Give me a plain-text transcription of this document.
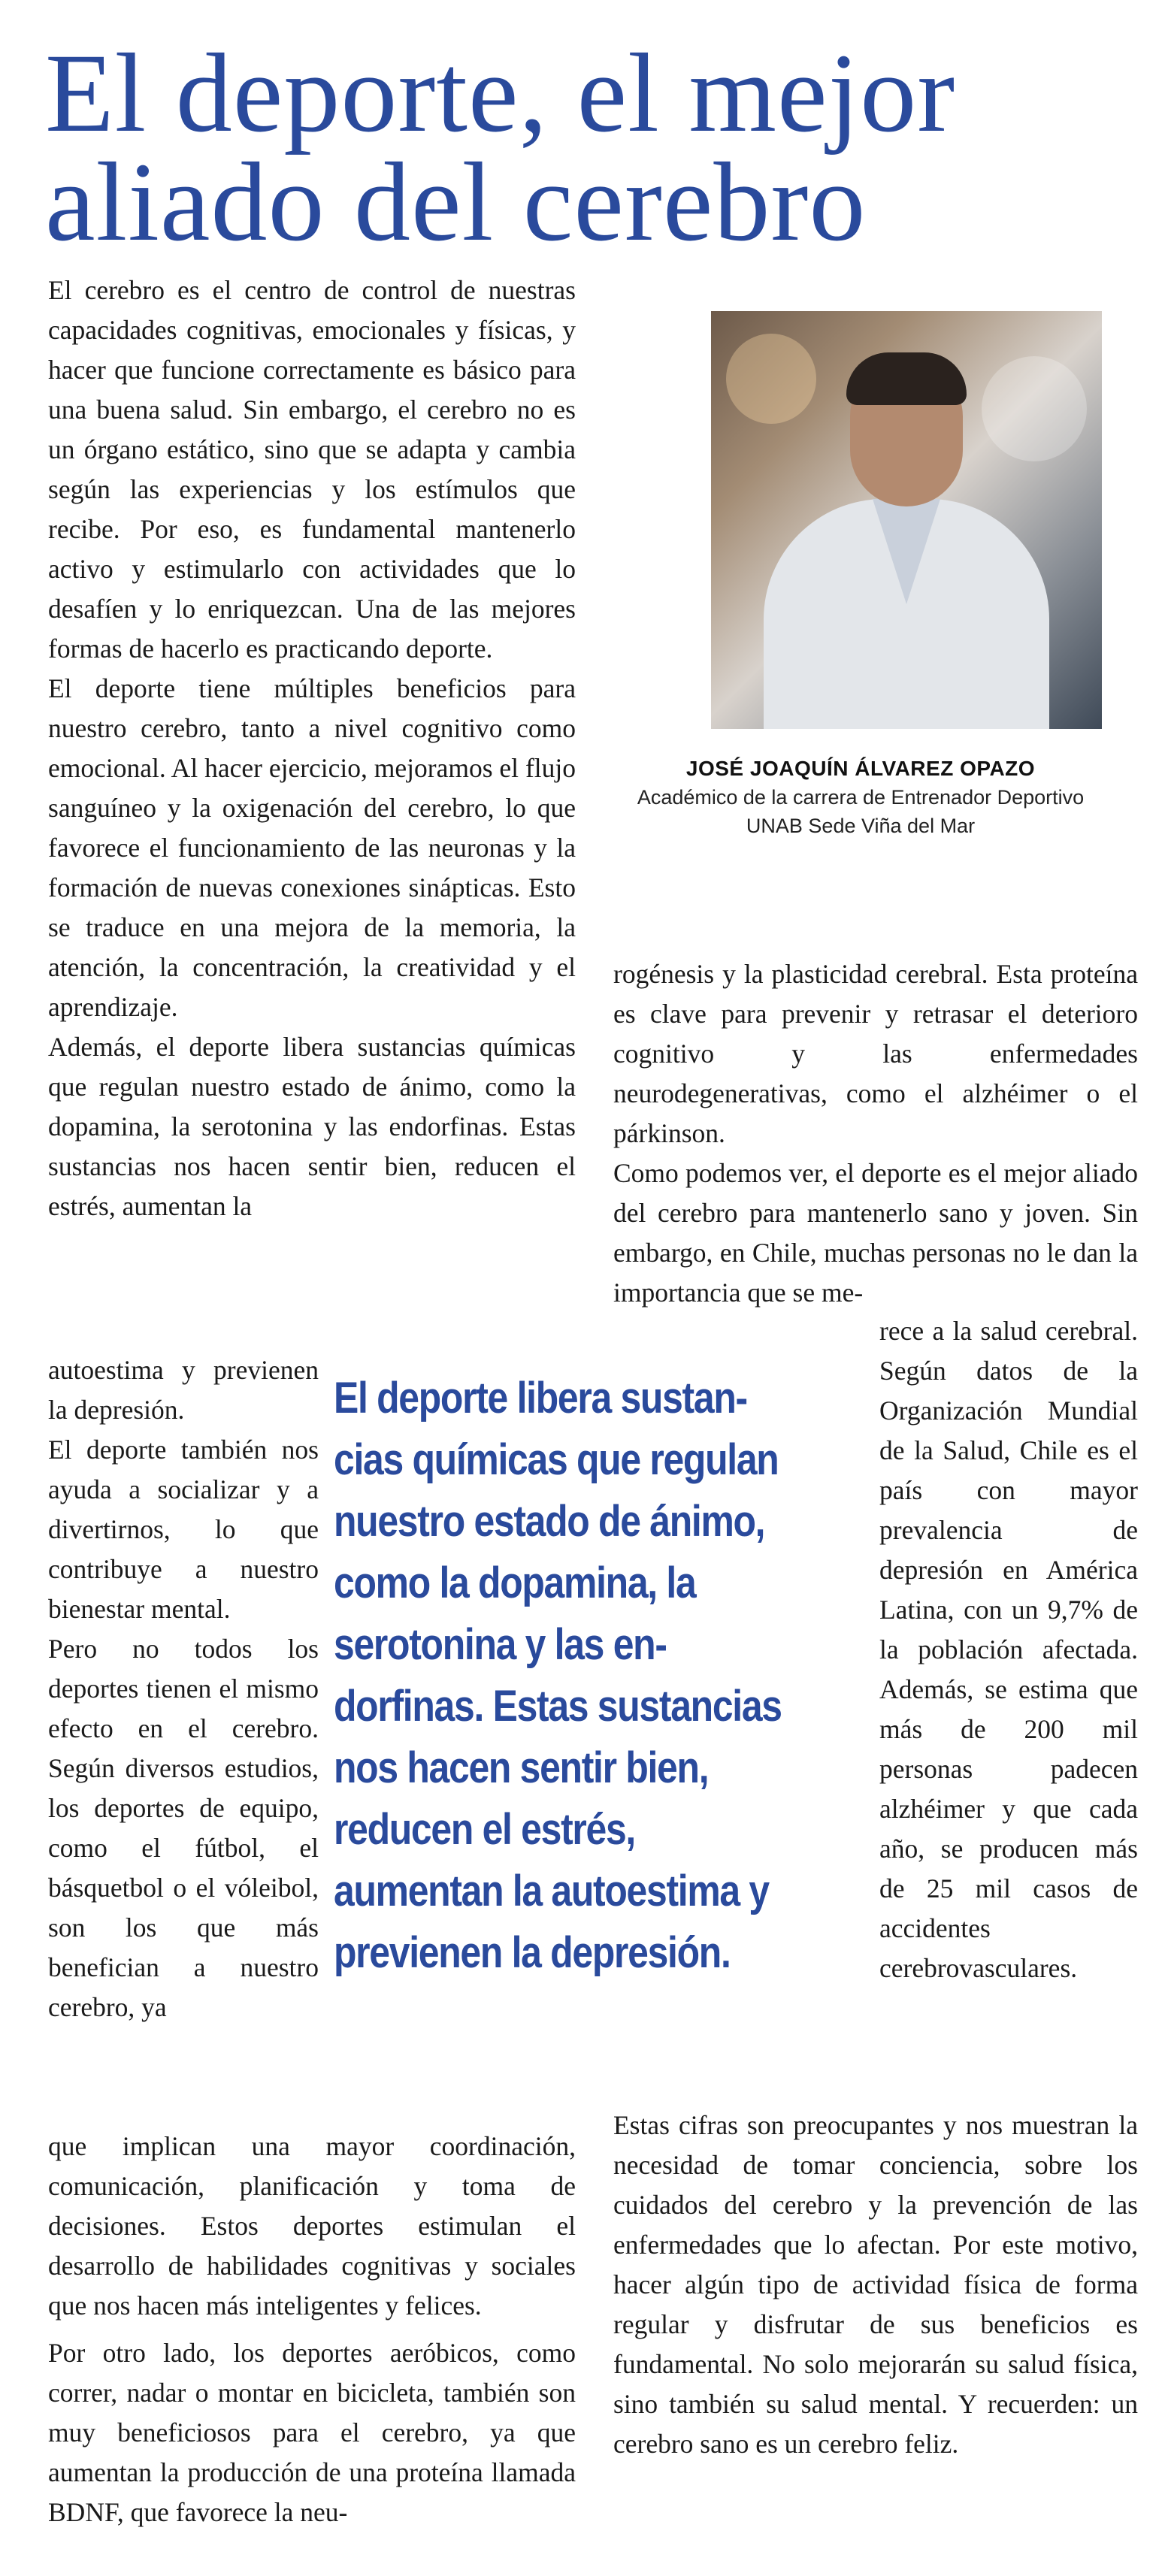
El deporte, el mejor
aliado del cerebro

El cerebro es el centro de control de nuestras capacidades cognitivas, emocionales y físicas, y hacer que funcione correctamente es básico para una buena salud. Sin embargo, el cerebro no es un órgano estático, sino que se adapta y cambia según las experiencias y los estímulos que recibe. Por eso, es fundamental mantenerlo activo y estimularlo con actividades que lo desafíen y lo enriquezcan. Una de las mejores formas de hacerlo es practicando deporte.

El deporte tiene múltiples beneficios para nuestro cerebro, tanto a nivel cognitivo como emocional. Al hacer ejercicio, mejoramos el flujo sanguíneo y la oxigenación del cerebro, lo que favorece el funcionamiento de las neuronas y la formación de nuevas conexiones sinápticas. Esto se traduce en una mejora de la memoria, la atención, la concentración, la creatividad y el aprendizaje.

Además, el deporte libera sustancias químicas que regulan nuestro estado de ánimo, como la dopamina, la serotonina y las endorfinas. Estas sustancias nos hacen sentir bien, reducen el estrés, aumentan la

autoestima y previenen la depresión.

El deporte también nos ayuda a socializar y a divertirnos, lo que contribuye a nuestro bienestar mental.

Pero no todos los deportes tienen el mismo efecto en el cerebro. Según diversos estudios, los deportes de equipo, como el fútbol, el básquetbol o el vóleibol, son los que más benefician a nuestro cerebro, ya

que implican una mayor coordinación, comunicación, planificación y toma de decisiones. Estos deportes estimulan el desarrollo de habilidades cognitivas y sociales que nos hacen más inteligentes y felices.

Por otro lado, los deportes aeróbicos, como correr, nadar o montar en bicicleta, también son muy beneficiosos para el cerebro, ya que aumentan la producción de una proteína llamada BDNF, que favorece la neu-

JOSÉ JOAQUÍN ÁLVAREZ OPAZO
Académico de la carrera de Entrenador Deportivo
UNAB Sede Viña del Mar

rogénesis y la plasticidad cerebral. Esta proteína es clave para prevenir y retrasar el deterioro cognitivo y las enfermedades neurodegenerativas, como el alzhéimer o el párkinson.

Como podemos ver, el deporte es el mejor aliado del cerebro para mantenerlo sano y joven. Sin embargo, en Chile, muchas personas no le dan la importancia que se me-

rece a la salud cerebral. Según datos de la Organización Mundial de la Salud, Chile es el país con mayor prevalencia de depresión en América Latina, con un 9,7% de la población afectada. Además, se estima que más de 200 mil personas padecen alzhéimer y que cada año, se producen más de 25 mil casos de accidentes cerebrovasculares.

Estas cifras son preocupantes y nos muestran la necesidad de tomar conciencia, sobre los cuidados del cerebro y la prevención de las enfermedades que lo afectan. Por este motivo, hacer algún tipo de actividad física de forma regular y disfrutar de sus beneficios es fundamental. No solo mejorarán su salud física, sino también su salud mental. Y recuerden: un cerebro sano es un cerebro feliz.

El deporte libera sustancias químicas que regulan nuestro estado de ánimo, como la dopamina, la serotonina y las endorfinas. Estas sustancias nos hacen sentir bien, reducen el estrés, aumentan la autoestima y previenen la depresión.
